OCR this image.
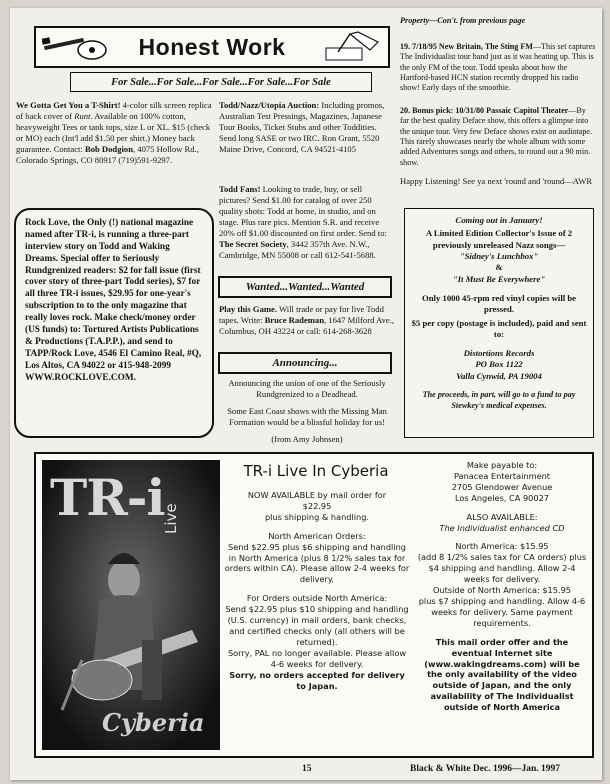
Property—Con't. from previous page
Honest Work
For Sale...For Sale...For Sale...For Sale...For Sale
We Gotta Get You a T-Shirt! 4-color silk screen replica of back cover of Runt. Available on 100% cotton, heavyweight Tees or tank tops, size L or XL. $15 (check or MO) each (Int'l add $1.50 per shirt.) Money back guarantee. Contact: Bob Dodgion, 4075 Hollow Rd., Colorado Springs, CO 80917 (719)591-9297.

Rock Love, the Only (!) national magazine named after TR-i, is running a three-part interview story on Todd and Waking Dreams. Special offer to Seriously Rundgrenized readers: $2 for fall issue (first cover story of three-part Todd series), $7 for all three TR-i issues, $29.95 for one-year's subscription to to the only magazine that really loves rock. Make check/money order (US funds) to: Tortured Artists Publications & Productions (T.A.P.P.), and send to TAPP/Rock Love, 4546 El Camino Real, #Q, Los Altos, CA 94022 or 415-948-2099

WWW.ROCKLOVE.COM.

Todd/Nazz/Utopia Auction: Including promos, Australian Test Pressings, Magazines, Japanese Tour Books, Ticket Stubs and other Toddities. Send long SASE or two IRC. Ron Grant, 5520 Maine Drive, Concord, CA 94521-4105
Todd Fans! Looking to trade, buy, or sell pictures? Send $1.00 for catalog of over 250 quality shots: Todd at home, in studio, and on stage. Plus rare pics. Mention S.R. and receive 20% off $1.00 discounted on first order. Send to: The Secret Society, 3442 357th Ave. N.W., Cambridge, MN 55008 or call 612-541-5688.
Wanted...Wanted...Wanted
Play this Game. Will trade or pay for live Todd tapes. Write: Bruce Rademan, 1647 Milford Ave., Columbus, OH 43224 or call: 614-268-3628
Announcing...
Announcing the union of one of the Seriously Rundgrenized to a Deadhead.
Some East Coast shows with the Missing Man Formation would be a blissful holiday for us!
(from Amy Johnsen)
19. 7/18/95 New Britain, The Sting FM—This set captures The Individualist tour band just as it was heating up. This is the only FM of the tour. Todd speaks about how the Hartford-based HCN station recently dropped his radio show! Early days of the smoothie.
20. Bonus pick: 10/31/80 Passaic Capitol Theater—By far the best quality Deface show, this offers a glimpse into the unique tour. Very few Deface shows exist on audiotape. This rarely showcases nearly the whole album with some added Adventures songs and others, to round out a 90 min. show.
Happy Listening! See ya next 'round and 'round—AWR

Coming out in January!

A Limited Edition Collector's Issue of 2 previously unreleased Nazz songs—

"Sidney's Lunchbox"

&

"It Must Be Everywhere"

Only 1000 45-rpm red vinyl copies will be pressed.

$5 per copy (postage is included), paid and sent to:

Distortions Records

PO Box 1122

Valla Cynwid, PA 19004

The proceeds, in part, will go to a fund to pay Stewkey's medical expenses.

TR-i
Live
Cyberia
TR-i Live In Cyberia

NOW AVAILABLE by mail order for

$22.95

plus shipping & handling.

North American Orders:

Send $22.95 plus $6 shipping and handling in North America (plus 8 1/2% sales tax for orders within CA). Please allow 2-4 weeks for delivery.

For Orders outside North America:

Send $22.95 plus $10 shipping and handling (U.S. currency) in mail orders, bank checks, and certified checks only (all others will be returned).

Sorry, PAL no longer available. Please allow 4-6 weeks for delivery.

Sorry, no orders accepted for delivery to Japan.

Make payable to:

Panacea Entertainment

2705 Glendower Avenue

Los Angeles, CA 90027

ALSO AVAILABLE:

The Individualist enhanced CD

North America: $15.95

(add 8 1/2% sales tax for CA orders) plus $4 shipping and handling. Allow 2-4 weeks for delivery.

Outside of North America: $15.95

plus $7 shipping and handling. Allow 4-6 weeks for delivery. Same payment requirements.

This mail order offer and the eventual Internet site (www.wakingdreams.com) will be the only availability of the video outside of Japan, and the only availability of The Individualist outside of North America

15	Black & White Dec. 1996—Jan. 1997
